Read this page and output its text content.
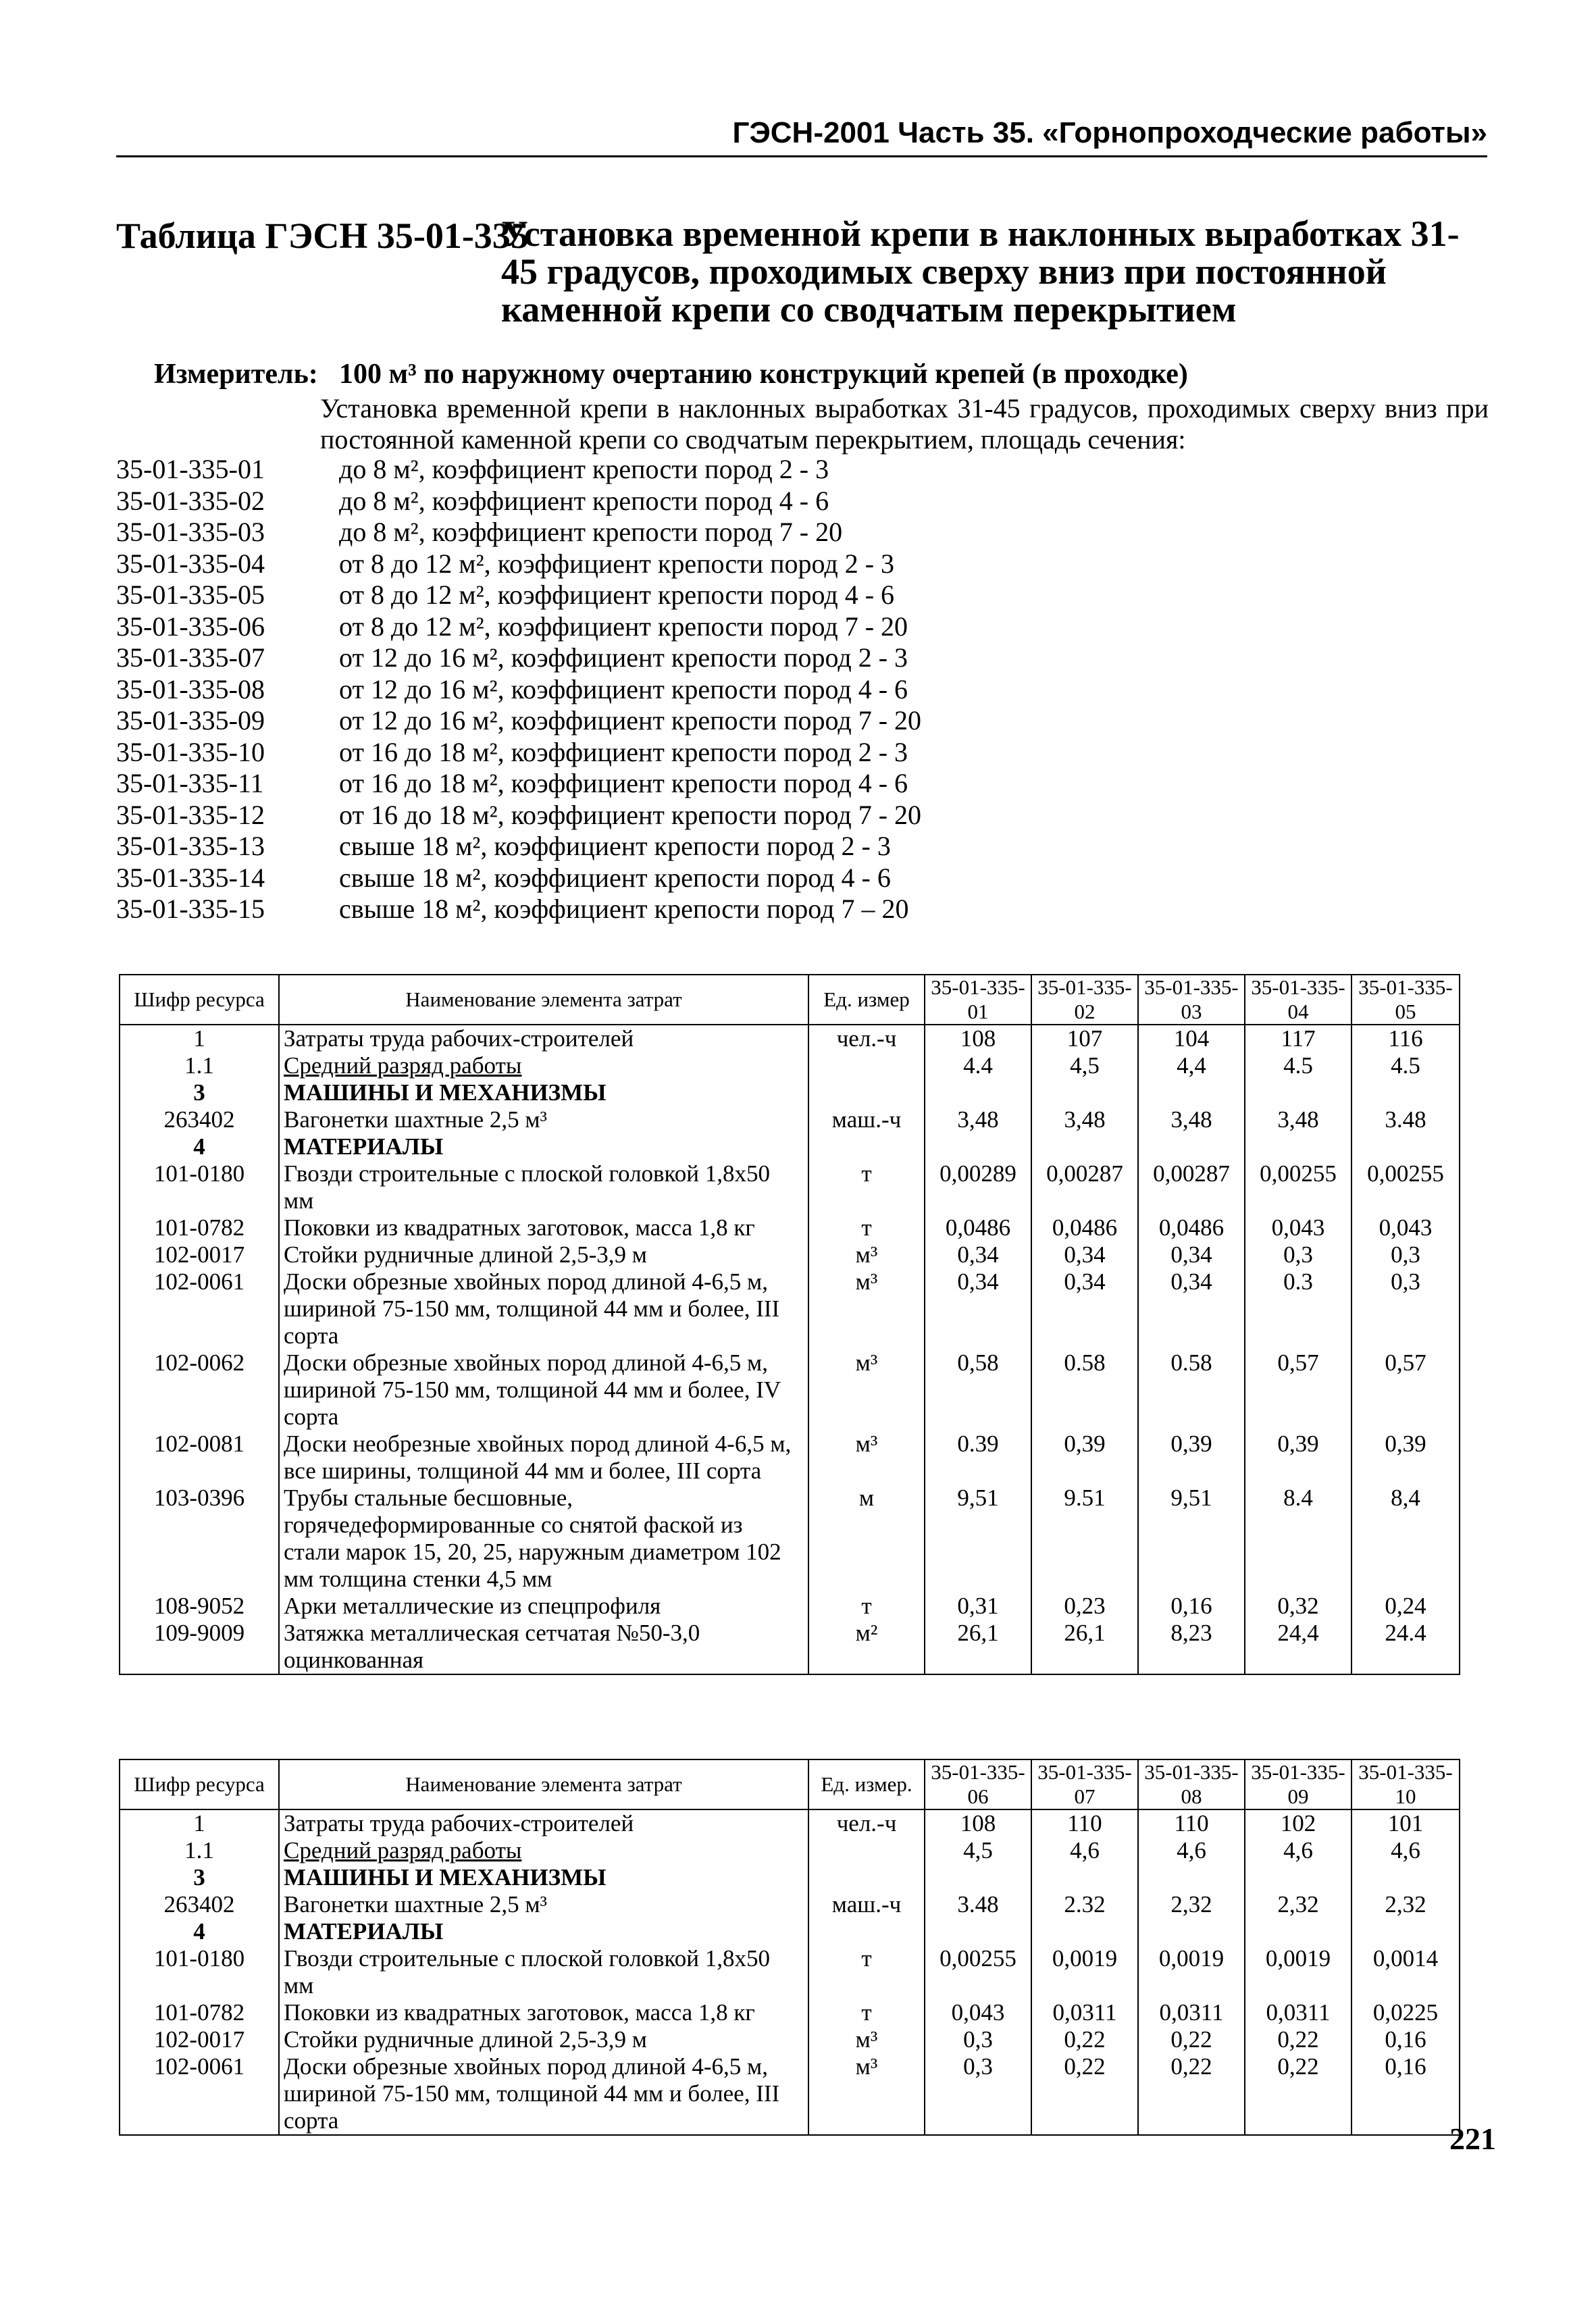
ГЭСН-2001 Часть 35. «Горнопроходческие работы»
Таблица ГЭСН 35-01-335
Установка временной крепи в наклонных выработках 31-45 градусов, проходимых сверху вниз при постоянной каменной крепи со сводчатым перекрытием
Измеритель: 100 м³ по наружному очертанию конструкций крепей (в проходке)
Установка временной крепи в наклонных выработках 31-45 градусов, проходимых сверху вниз при постоянной каменной крепи со сводчатым перекрытием, площадь сечения:
35-01-335-01	до 8 м², коэффициент крепости пород 2 - 3
35-01-335-02	до 8 м², коэффициент крепости пород 4 - 6
35-01-335-03	до 8 м², коэффициент крепости пород 7 - 20
35-01-335-04	от 8 до 12 м², коэффициент крепости пород 2 - 3
35-01-335-05	от 8 до 12 м², коэффициент крепости пород 4 - 6
35-01-335-06	от 8 до 12 м², коэффициент крепости пород 7 - 20
35-01-335-07	от 12 до 16 м², коэффициент крепости пород 2 - 3
35-01-335-08	от 12 до 16 м², коэффициент крепости пород 4 - 6
35-01-335-09	от 12 до 16 м², коэффициент крепости пород 7 - 20
35-01-335-10	от 16 до 18 м², коэффициент крепости пород 2 - 3
35-01-335-11	от 16 до 18 м², коэффициент крепости пород 4 - 6
35-01-335-12	от 16 до 18 м², коэффициент крепости пород 7 - 20
35-01-335-13	свыше 18 м², коэффициент крепости пород 2 - 3
35-01-335-14	свыше 18 м², коэффициент крепости пород 4 - 6
35-01-335-15	свыше 18 м², коэффициент крепости пород 7 – 20
Шифр ресурса	Наименование элемента затрат	Ед. измер	35-01-335-01	35-01-335-02	35-01-335-03	35-01-335-04	35-01-335-05
1	Затраты труда рабочих-строителей	чел.-ч	108	107	104	117	116
1.1	Средний разряд работы		4.4	4,5	4,4	4.5	4.5
3	МАШИНЫ И МЕХАНИЗМЫ						
263402	Вагонетки шахтные 2,5 м³	маш.-ч	3,48	3,48	3,48	3,48	3.48
4	МАТЕРИАЛЫ						
101-0180	Гвозди строительные с плоской головкой 1,8x50 мм	т	0,00289	0,00287	0,00287	0,00255	0,00255
101-0782	Поковки из квадратных заготовок, масса 1,8 кг	т	0,0486	0,0486	0,0486	0,043	0,043
102-0017	Стойки рудничные длиной 2,5-3,9 м	м³	0,34	0,34	0,34	0,3	0,3
102-0061	Доски обрезные хвойных пород длиной 4-6,5 м, шириной 75-150 мм, толщиной 44 мм и более, III сорта	м³	0,34	0,34	0,34	0.3	0,3
102-0062	Доски обрезные хвойных пород длиной 4-6,5 м, шириной 75-150 мм, толщиной 44 мм и более, IV сорта	м³	0,58	0.58	0.58	0,57	0,57
102-0081	Доски необрезные хвойных пород длиной 4-6,5 м, все ширины, толщиной 44 мм и более, III сорта	м³	0.39	0,39	0,39	0,39	0,39
103-0396	Трубы стальные бесшовные, горячедеформированные со снятой фаской из стали марок 15, 20, 25, наружным диаметром 102 мм толщина стенки 4,5 мм	м	9,51	9.51	9,51	8.4	8,4
108-9052	Арки металлические из спецпрофиля	т	0,31	0,23	0,16	0,32	0,24
109-9009	Затяжка металлическая сетчатая №50-3,0 оцинкованная	м²	26,1	26,1	8,23	24,4	24.4
Шифр ресурса	Наименование элемента затрат	Ед. измер.	35-01-335-06	35-01-335-07	35-01-335-08	35-01-335-09	35-01-335-10
1	Затраты труда рабочих-строителей	чел.-ч	108	110	110	102	101
1.1	Средний разряд работы		4,5	4,6	4,6	4,6	4,6
3	МАШИНЫ И МЕХАНИЗМЫ						
263402	Вагонетки шахтные 2,5 м³	маш.-ч	3.48	2.32	2,32	2,32	2,32
4	МАТЕРИАЛЫ						
101-0180	Гвозди строительные с плоской головкой 1,8x50 мм	т	0,00255	0,0019	0,0019	0,0019	0,0014
101-0782	Поковки из квадратных заготовок, масса 1,8 кг	т	0,043	0,0311	0,0311	0,0311	0,0225
102-0017	Стойки рудничные длиной 2,5-3,9 м	м³	0,3	0,22	0,22	0,22	0,16
102-0061	Доски обрезные хвойных пород длиной 4-6,5 м, шириной 75-150 мм, толщиной 44 мм и более, III сорта	м³	0,3	0,22	0,22	0,22	0,16
221
